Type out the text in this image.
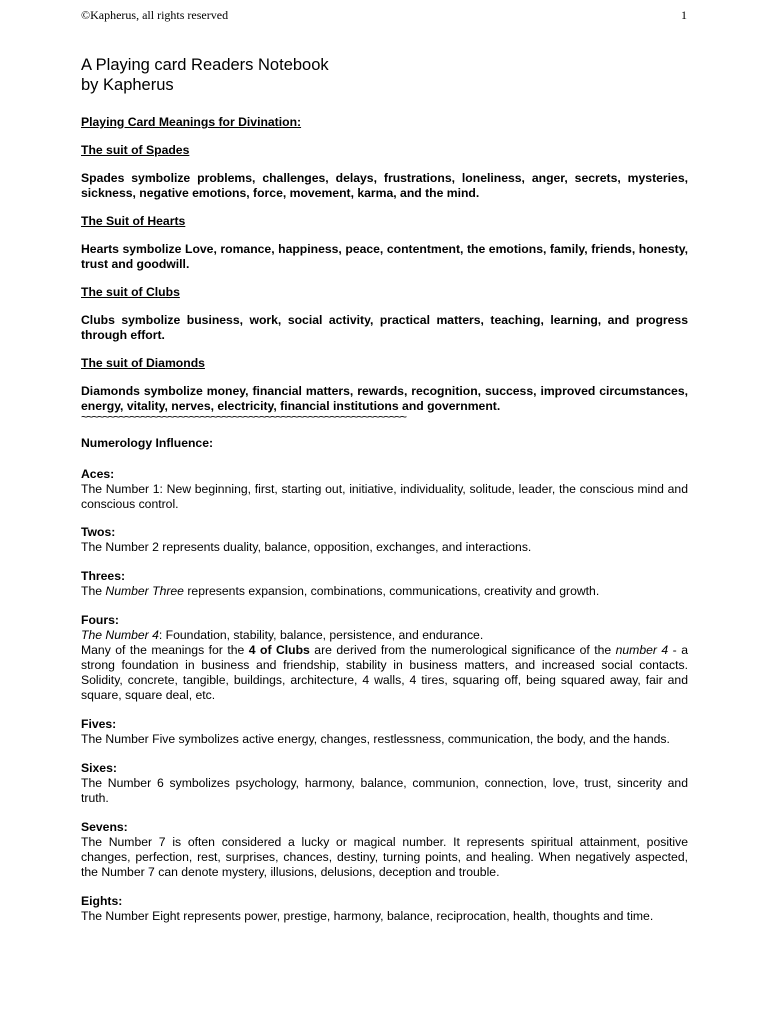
©Kapherus, all rights reserved	1
A Playing card Readers Notebook
by Kapherus
Playing Card Meanings for Divination:
The suit of Spades
Spades symbolize problems, challenges, delays, frustrations, loneliness, anger, secrets, mysteries, sickness, negative emotions, force, movement, karma, and the mind.
The Suit of Hearts
Hearts symbolize Love, romance, happiness, peace, contentment, the emotions, family, friends, honesty, trust and goodwill.
The suit of Clubs
Clubs symbolize business, work, social activity, practical matters, teaching, learning, and progress through effort.
The suit of Diamonds
Diamonds symbolize money, financial matters, rewards, recognition, success, improved circumstances, energy, vitality, nerves, electricity, financial institutions and government.
~~~~~~~~~~~~~~~~~~~~~~~~~~~~~~~~~~~~~~~~~~~~~~~~~~~~~~~~~~~~
Numerology Influence:
Aces:
The Number 1: New beginning, first, starting out, initiative, individuality, solitude, leader, the conscious mind and conscious control.
Twos:
The Number 2 represents duality, balance, opposition, exchanges, and interactions.
Threes:
The Number Three represents expansion, combinations, communications, creativity and growth.
Fours:
The Number 4: Foundation, stability, balance, persistence, and endurance.
Many of the meanings for the 4 of Clubs are derived from the numerological significance of the number 4 - a strong foundation in business and friendship, stability in business matters, and increased social contacts. Solidity, concrete, tangible, buildings, architecture, 4 walls, 4 tires, squaring off, being squared away, fair and square, square deal, etc.
Fives:
The Number Five symbolizes active energy, changes, restlessness, communication, the body, and the hands.
Sixes:
The Number 6 symbolizes psychology, harmony, balance, communion, connection, love, trust, sincerity and truth.
Sevens:
The Number 7 is often considered a lucky or magical number. It represents spiritual attainment, positive changes, perfection, rest, surprises, chances, destiny, turning points, and healing. When negatively aspected, the Number 7 can denote mystery, illusions, delusions, deception and trouble.
Eights:
The Number Eight represents power, prestige, harmony, balance, reciprocation, health, thoughts and time.
